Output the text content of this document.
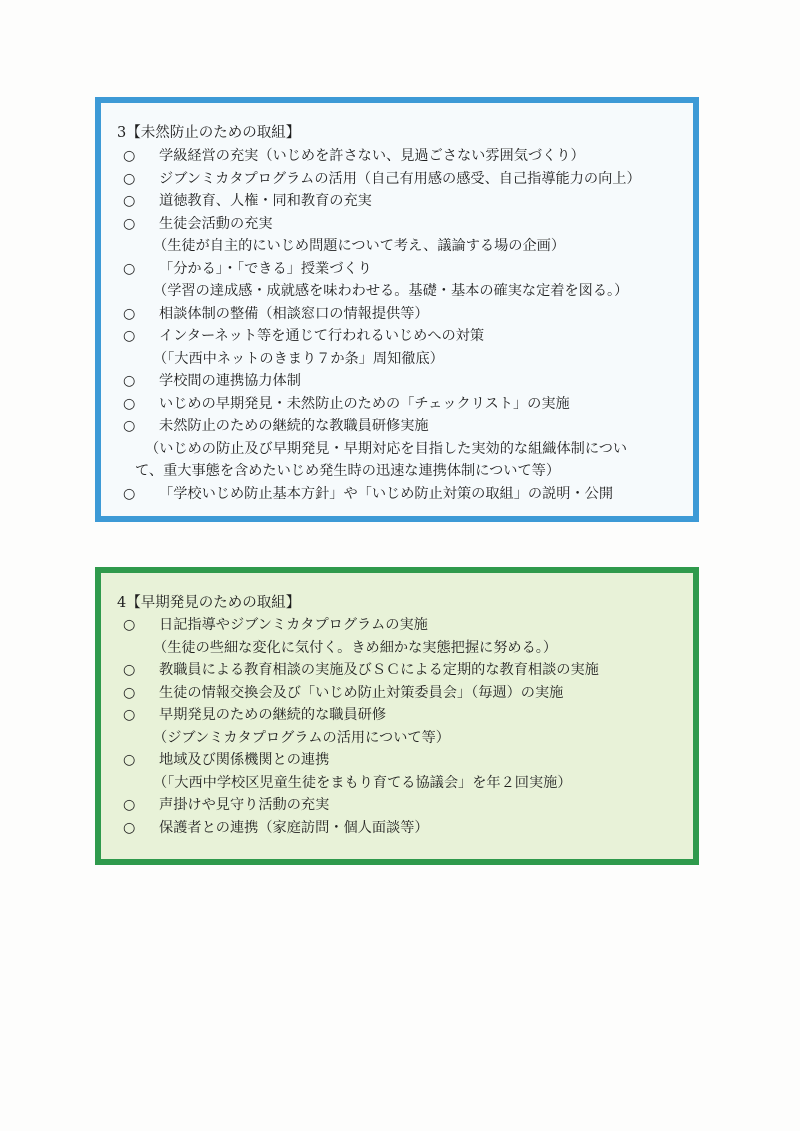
3【未然防止のための取組】
○ 学級経営の充実（いじめを許さない、見過ごさない雰囲気づくり）
○ ジブンミカタプログラムの活用（自己有用感の感受、自己指導能力の向上）
○ 道徳教育、人権・同和教育の充実
○ 生徒会活動の充実
（生徒が自主的にいじめ問題について考え、議論する場の企画）
○ 「分かる」・「できる」授業づくり
（学習の達成感・成就感を味わわせる。基礎・基本の確実な定着を図る。）
○ 相談体制の整備（相談窓口の情報提供等）
○ インターネット等を通じて行われるいじめへの対策
（「大西中ネットのきまり７か条」周知徹底）
○ 学校間の連携協力体制
○ いじめの早期発見・未然防止のための「チェックリスト」の実施
○ 未然防止のための継続的な教職員研修実施
（いじめの防止及び早期発見・早期対応を目指した実効的な組織体制につい
て、重大事態を含めたいじめ発生時の迅速な連携体制について等）
○ 「学校いじめ防止基本方針」や「いじめ防止対策の取組」の説明・公開
4【早期発見のための取組】
○ 日記指導やジブンミカタプログラムの実施
（生徒の些細な変化に気付く。きめ細かな実態把握に努める。）
○ 教職員による教育相談の実施及びＳＣによる定期的な教育相談の実施
○ 生徒の情報交換会及び「いじめ防止対策委員会」（毎週）の実施
○ 早期発見のための継続的な職員研修
（ジブンミカタプログラムの活用について等）
○ 地域及び関係機関との連携
（「大西中学校区児童生徒をまもり育てる協議会」を年２回実施）
○ 声掛けや見守り活動の充実
○ 保護者との連携（家庭訪問・個人面談等）
